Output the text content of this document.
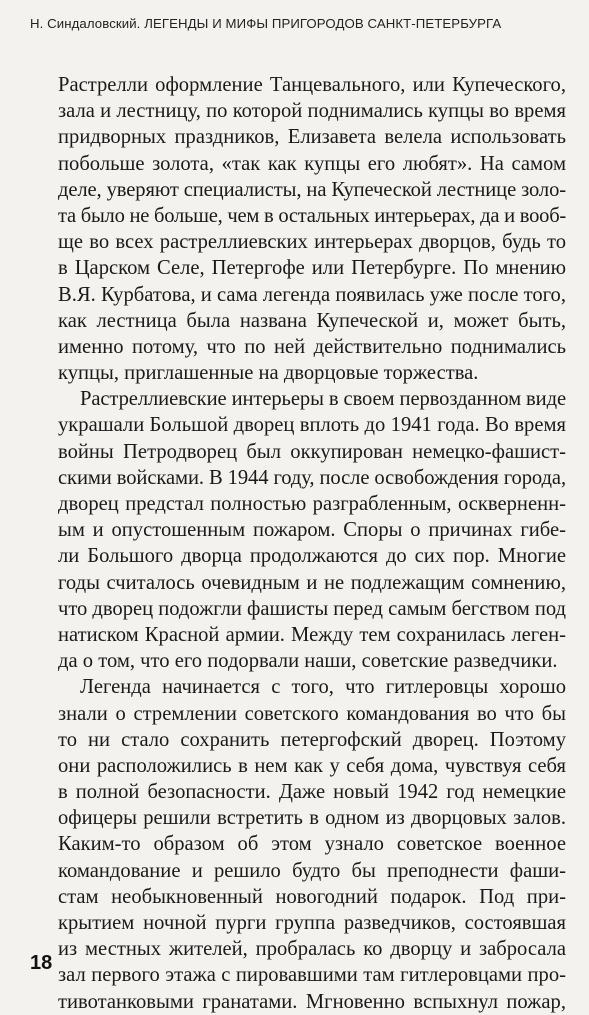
Н. Синдаловский. ЛЕГЕНДЫ И МИФЫ ПРИГОРОДОВ САНКТ-ПЕТЕРБУРГА
Растрелли оформление Танцевального, или Купеческого,
зала и лестницу, по которой поднимались купцы во время
придворных праздников, Елизавета велела использовать
побольше золота, «так как купцы его любят». На самом
деле, уверяют специалисты, на Купеческой лестнице золо-
та было не больше, чем в остальных интерьерах, да и вооб-
ще во всех растреллиевских интерьерах дворцов, будь то
в Царском Селе, Петергофе или Петербурге. По мнению
В.Я. Курбатова, и сама легенда появилась уже после того,
как лестница была названа Купеческой и, может быть,
именно потому, что по ней действительно поднимались
купцы, приглашенные на дворцовые торжества.
Растреллиевские интерьеры в своем первозданном виде
украшали Большой дворец вплоть до 1941 года. Во время
войны Петродворец был оккупирован немецко-фашист-
скими войсками. В 1944 году, после освобождения города,
дворец предстал полностью разграбленным, оскверненн-
ым и опустошенным пожаром. Споры о причинах гибе-
ли Большого дворца продолжаются до сих пор. Многие
годы считалось очевидным и не подлежащим сомнению,
что дворец подожгли фашисты перед самым бегством под
натиском Красной армии. Между тем сохранилась леген-
да о том, что его подорвали наши, советские разведчики.
Легенда начинается с того, что гитлеровцы хорошо
знали о стремлении советского командования во что бы
то ни стало сохранить петергофский дворец. Поэтому
они расположились в нем как у себя дома, чувствуя себя
в полной безопасности. Даже новый 1942 год немецкие
офицеры решили встретить в одном из дворцовых залов.
Каким-то образом об этом узнало советское военное
командование и решило будто бы преподнести фаши-
стам необыкновенный новогодний подарок. Под при-
крытием ночной пурги группа разведчиков, состоявшая
из местных жителей, пробралась ко дворцу и забросала
зал первого этажа с пировавшими там гитлеровцами про-
тивотанковыми гранатами. Мгновенно вспыхнул пожар,
18
